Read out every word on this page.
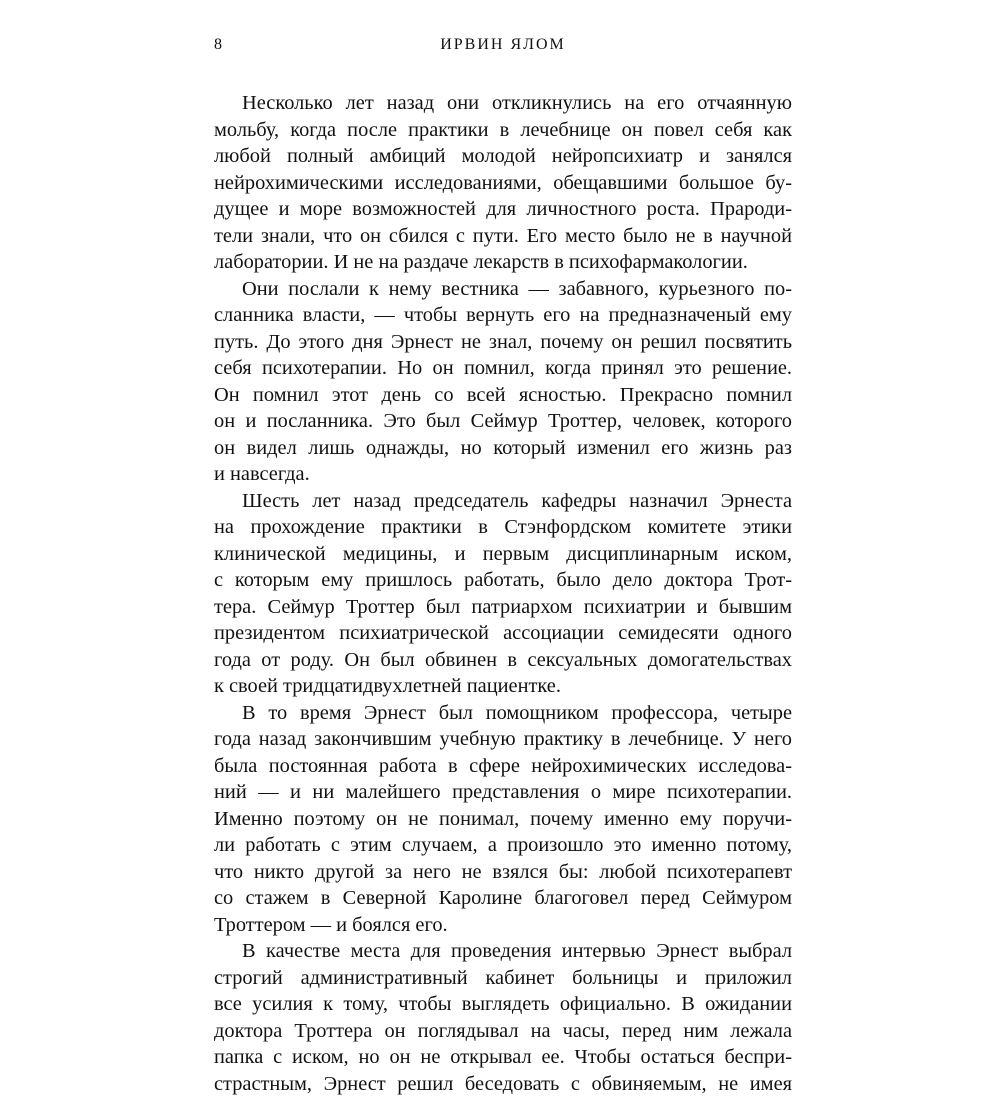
8	ИРВИН ЯЛОМ
Несколько лет назад они откликнулись на его отчаянную
мольбу, когда после практики в лечебнице он повел себя как
любой полный амбиций молодой нейропсихиатр и занялся
нейрохимическими исследованиями, обещавшими большое бу-
дущее и море возможностей для личностного роста. Прароди-
тели знали, что он сбился с пути. Его место было не в научной
лаборатории. И не на раздаче лекарств в психофармакологии.
Они послали к нему вестника — забавного, курьезного по-
сланника власти, — чтобы вернуть его на предназначеный ему
путь. До этого дня Эрнест не знал, почему он решил посвятить
себя психотерапии. Но он помнил, когда принял это решение.
Он помнил этот день со всей ясностью. Прекрасно помнил
он и посланника. Это был Сеймур Троттер, человек, которого
он видел лишь однажды, но который изменил его жизнь раз
и навсегда.
Шесть лет назад председатель кафедры назначил Эрнеста
на прохождение практики в Стэнфордском комитете этики
клинической медицины, и первым дисциплинарным иском,
с которым ему пришлось работать, было дело доктора Трот-
тера. Сеймур Троттер был патриархом психиатрии и бывшим
президентом психиатрической ассоциации семидесяти одного
года от роду. Он был обвинен в сексуальных домогательствах
к своей тридцатидвухлетней пациентке.
В то время Эрнест был помощником профессора, четыре
года назад закончившим учебную практику в лечебнице. У него
была постоянная работа в сфере нейрохимических исследова-
ний — и ни малейшего представления о мире психотерапии.
Именно поэтому он не понимал, почему именно ему поручи-
ли работать с этим случаем, а произошло это именно потому,
что никто другой за него не взялся бы: любой психотерапевт
со стажем в Северной Каролине благоговел перед Сеймуром
Троттером — и боялся его.
В качестве места для проведения интервью Эрнест выбрал
строгий административный кабинет больницы и приложил
все усилия к тому, чтобы выглядеть официально. В ожидании
доктора Троттера он поглядывал на часы, перед ним лежала
папка с иском, но он не открывал ее. Чтобы остаться беспри-
страстным, Эрнест решил беседовать с обвиняемым, не имея
